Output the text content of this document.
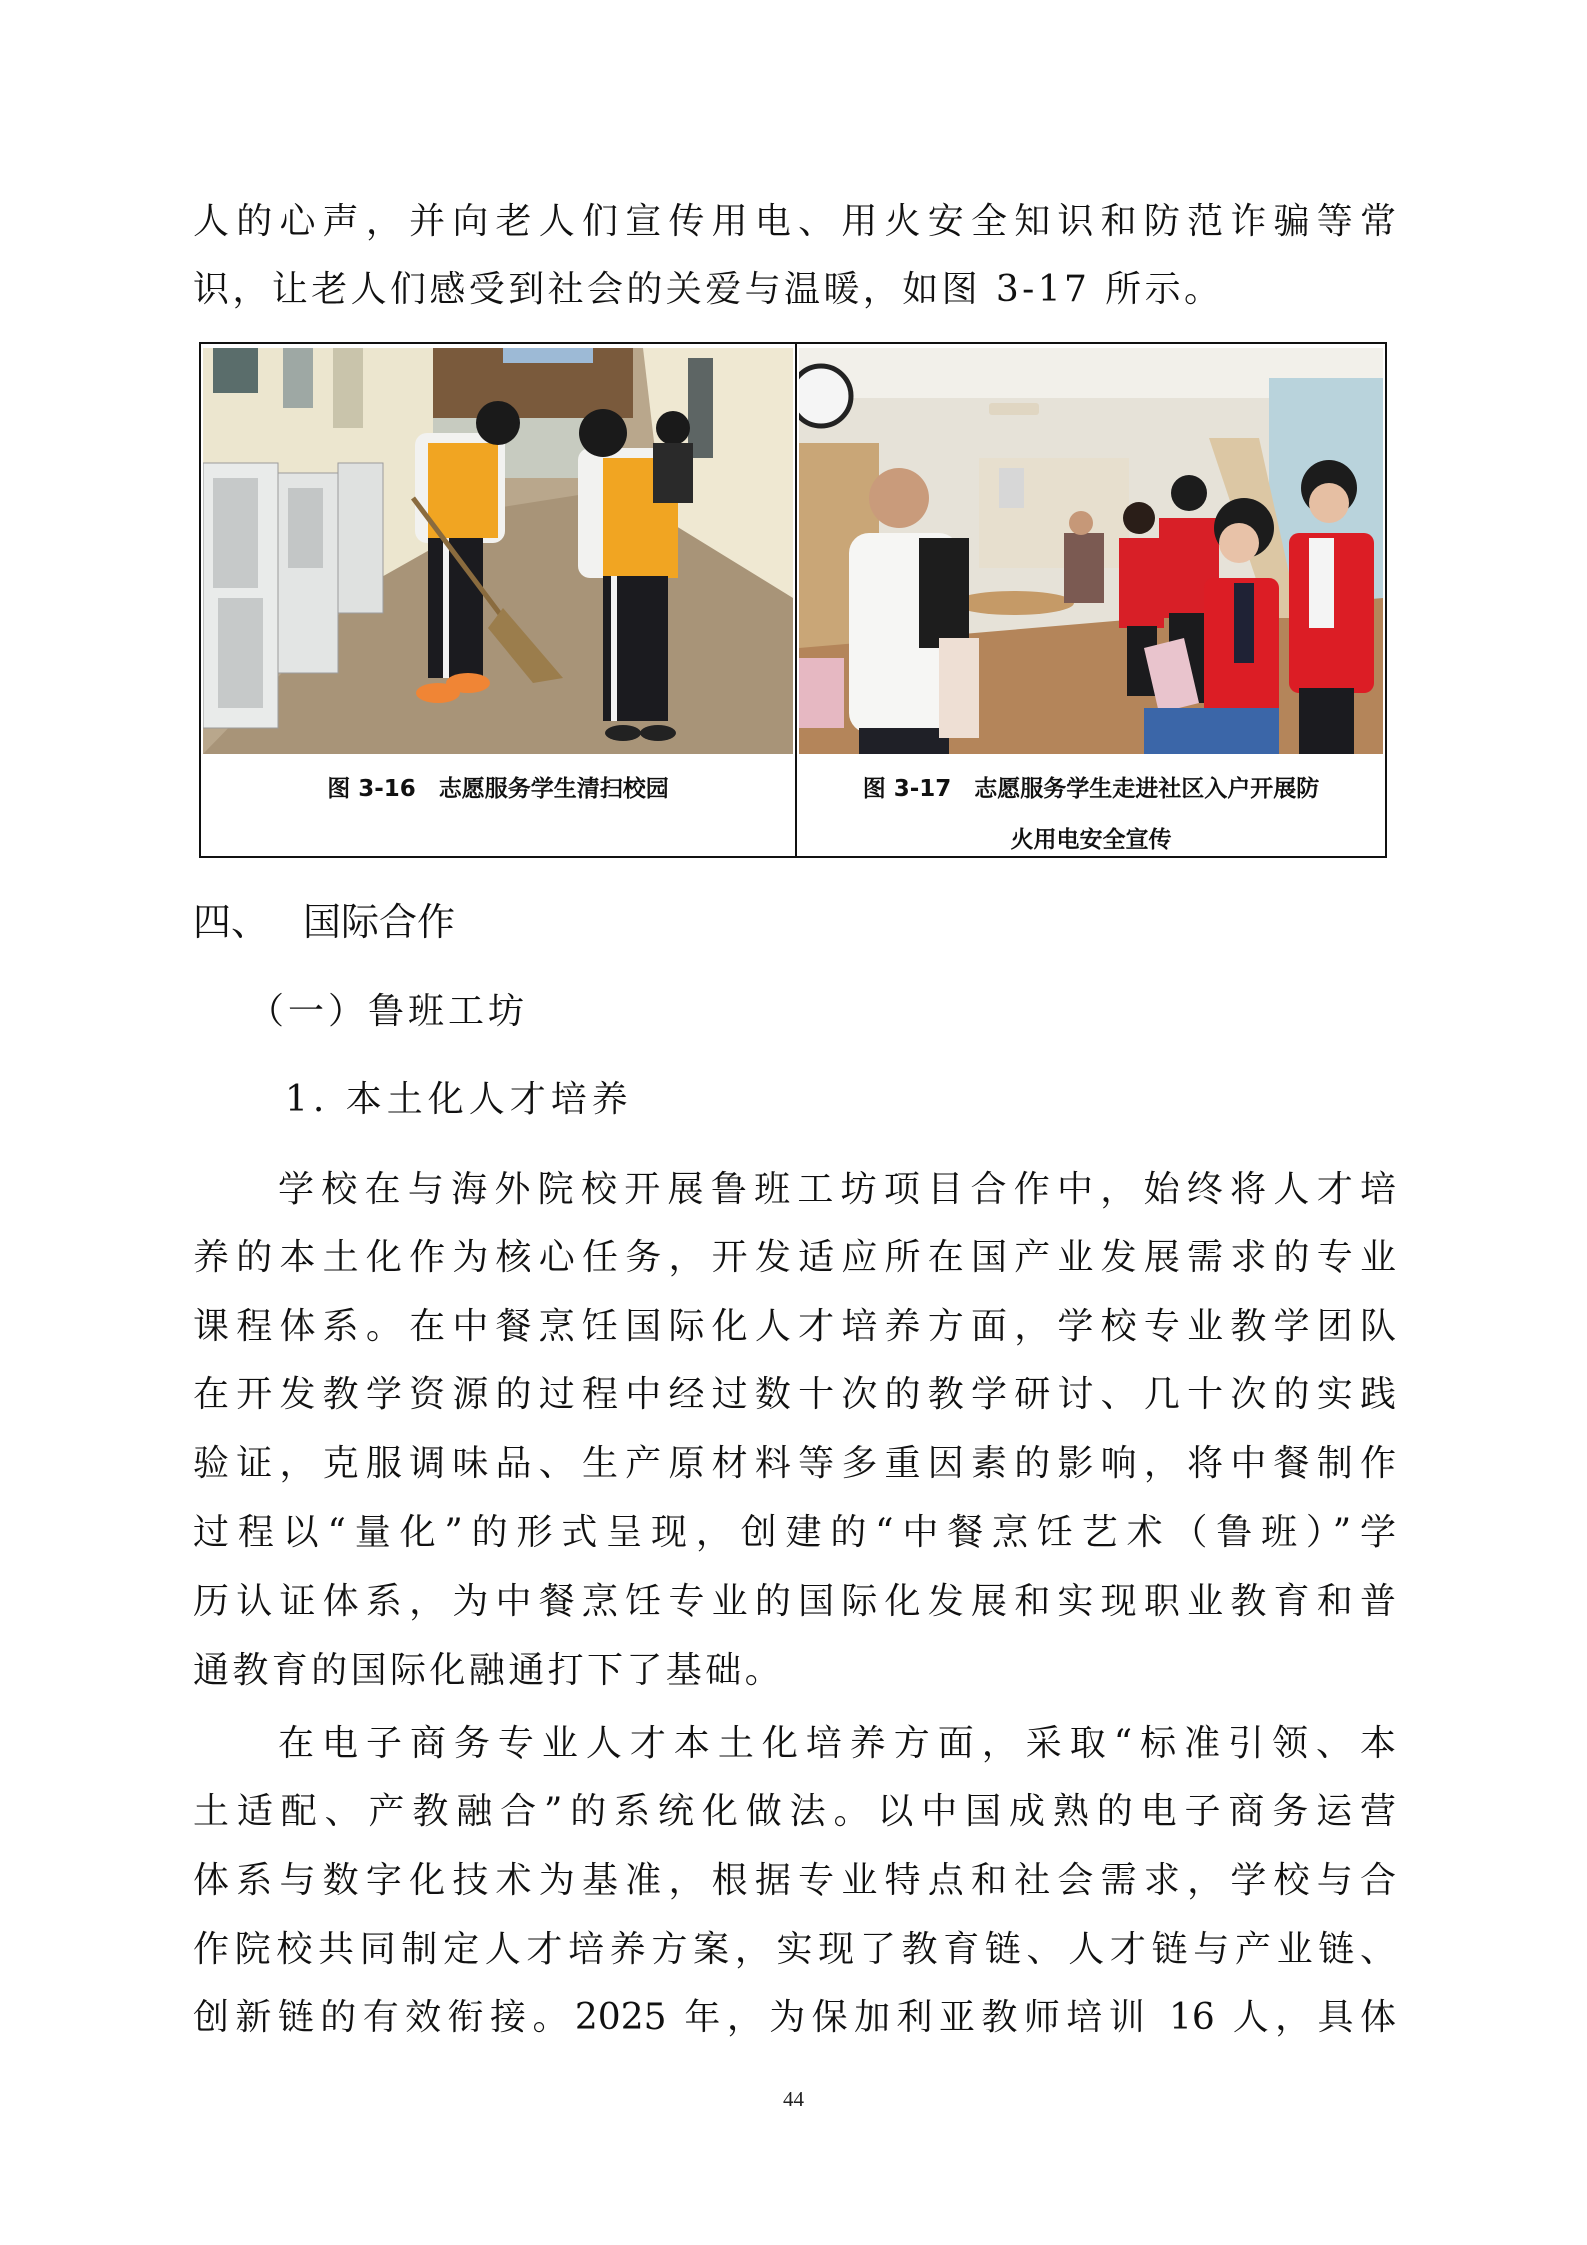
人的心声，并向老人们宣传用电、用火安全知识和防范诈骗等常
识，让老人们感受到社会的关爱与温暖，如图 3-17 所示。
图 3-16　志愿服务学生清扫校园	图 3-17　志愿服务学生走进社区入户开展防
火用电安全宣传
四、 国际合作
（一）鲁班工坊
1. 本土化人才培养
学校在与海外院校开展鲁班工坊项目合作中，始终将人才培
养的本土化作为核心任务，开发适应所在国产业发展需求的专业
课程体系。在中餐烹饪国际化人才培养方面，学校专业教学团队
在开发教学资源的过程中经过数十次的教学研讨、几十次的实践
验证，克服调味品、生产原材料等多重因素的影响，将中餐制作
过程以“量化”的形式呈现，创建的“中餐烹饪艺术（鲁班）”学
历认证体系，为中餐烹饪专业的国际化发展和实现职业教育和普
通教育的国际化融通打下了基础。
在电子商务专业人才本土化培养方面，采取“标准引领、本
土适配、产教融合”的系统化做法。以中国成熟的电子商务运营
体系与数字化技术为基准，根据专业特点和社会需求，学校与合
作院校共同制定人才培养方案，实现了教育链、人才链与产业链、
创新链的有效衔接。2025 年，为保加利亚教师培训 16 人，具体
44
